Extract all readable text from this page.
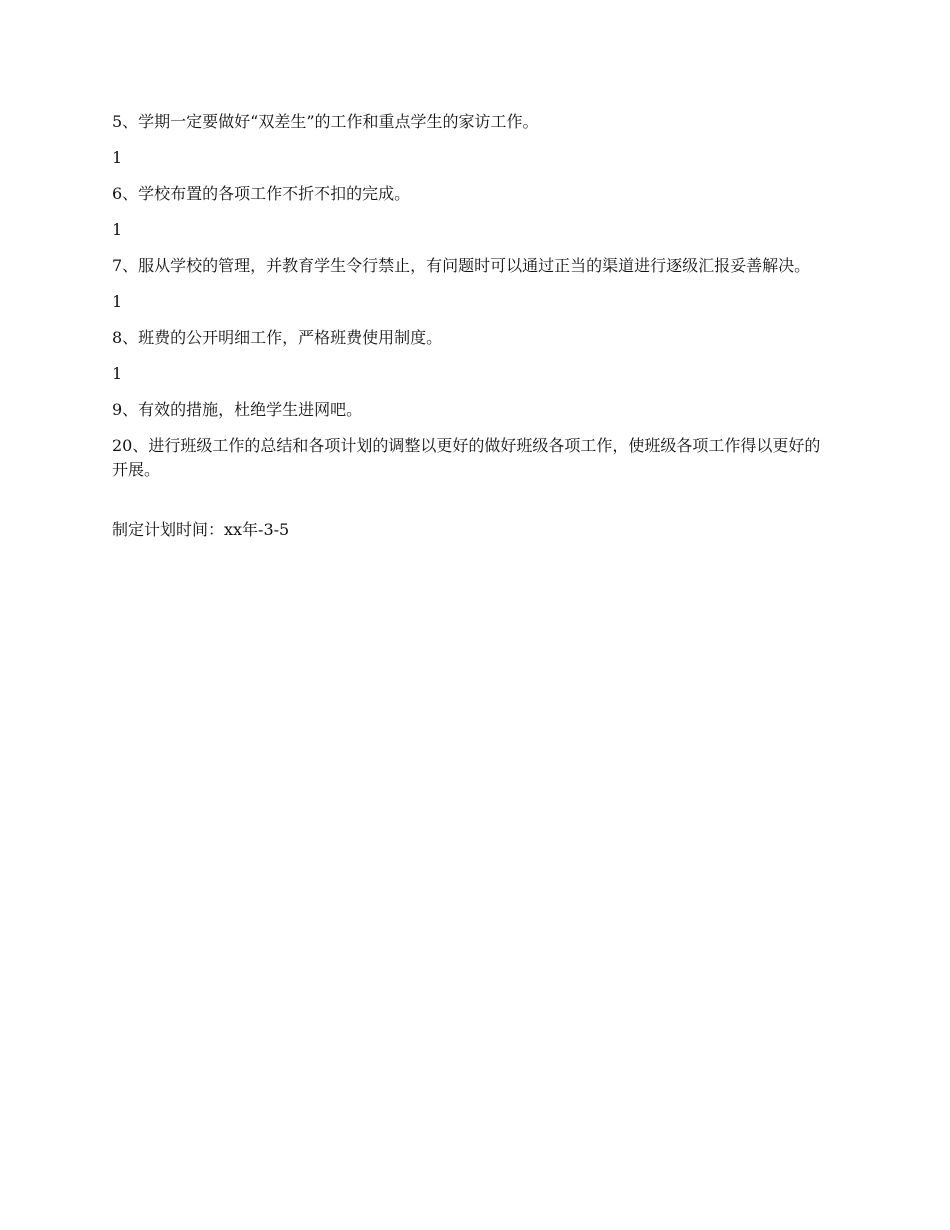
5、学期一定要做好“双差生”的工作和重点学生的家访工作。

1

6、学校布置的各项工作不折不扣的完成。

1

7、服从学校的管理，并教育学生令行禁止，有问题时可以通过正当的渠道进行逐级汇报妥善解决。

1

8、班费的公开明细工作，严格班费使用制度。

1

9、有效的措施，杜绝学生进网吧。

20、进行班级工作的总结和各项计划的调整以更好的做好班级各项工作，使班级各项工作得以更好的开展。

制定计划时间：xx年-3-5
